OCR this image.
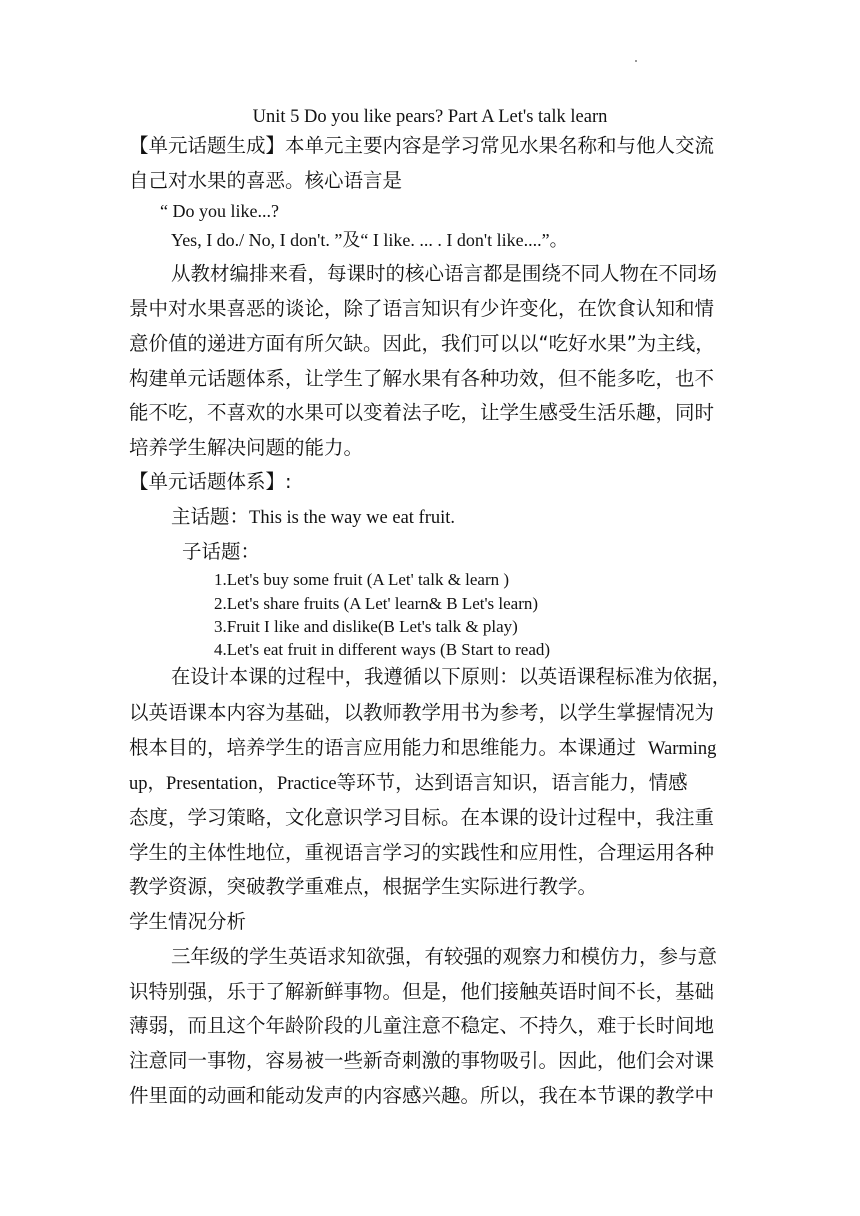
Unit 5 Do you like pears? Part A Let's talk learn
【单元话题生成】本单元主要内容是学习常见水果名称和与他人交流
自己对水果的喜恶。核心语言是
“ Do you like...?
Yes, I do./ No, I don't. ”及“ I like. ... . I don't like....”。
从教材编排来看，每课时的核心语言都是围绕不同人物在不同场
景中对水果喜恶的谈论，除了语言知识有少许变化，在饮食认知和情
意价值的递进方面有所欠缺。因此，我们可以以“吃好水果”为主线，
构建单元话题体系，让学生了解水果有各种功效，但不能多吃，也不
能不吃，不喜欢的水果可以变着法子吃，让学生感受生活乐趣，同时
培养学生解决问题的能力。
【单元话题体系】:
主话题：This is the way we eat fruit.
子话题：
1.Let's buy some fruit (A Let' talk & learn )
2.Let's share fruits (A Let' learn& B Let's learn)
3.Fruit I like and dislike(B Let's talk & play)
4.Let's eat fruit in different ways (B Start to read)
在设计本课的过程中，我遵循以下原则：以英语课程标准为依据，
以英语课本内容为基础，以教师教学用书为参考，以学生掌握情况为
根本目的，培养学生的语言应用能力和思维能力。本课通过 Warming
up，Presentation，Practice等环节，达到语言知识，语言能力，情感
态度，学习策略，文化意识学习目标。在本课的设计过程中，我注重
学生的主体性地位，重视语言学习的实践性和应用性，合理运用各种
教学资源，突破教学重难点，根据学生实际进行教学。
学生情况分析
三年级的学生英语求知欲强，有较强的观察力和模仿力，参与意
识特别强，乐于了解新鲜事物。但是，他们接触英语时间不长，基础
薄弱，而且这个年龄阶段的儿童注意不稳定、不持久，难于长时间地
注意同一事物，容易被一些新奇刺激的事物吸引。因此，他们会对课
件里面的动画和能动发声的内容感兴趣。所以，我在本节课的教学中
